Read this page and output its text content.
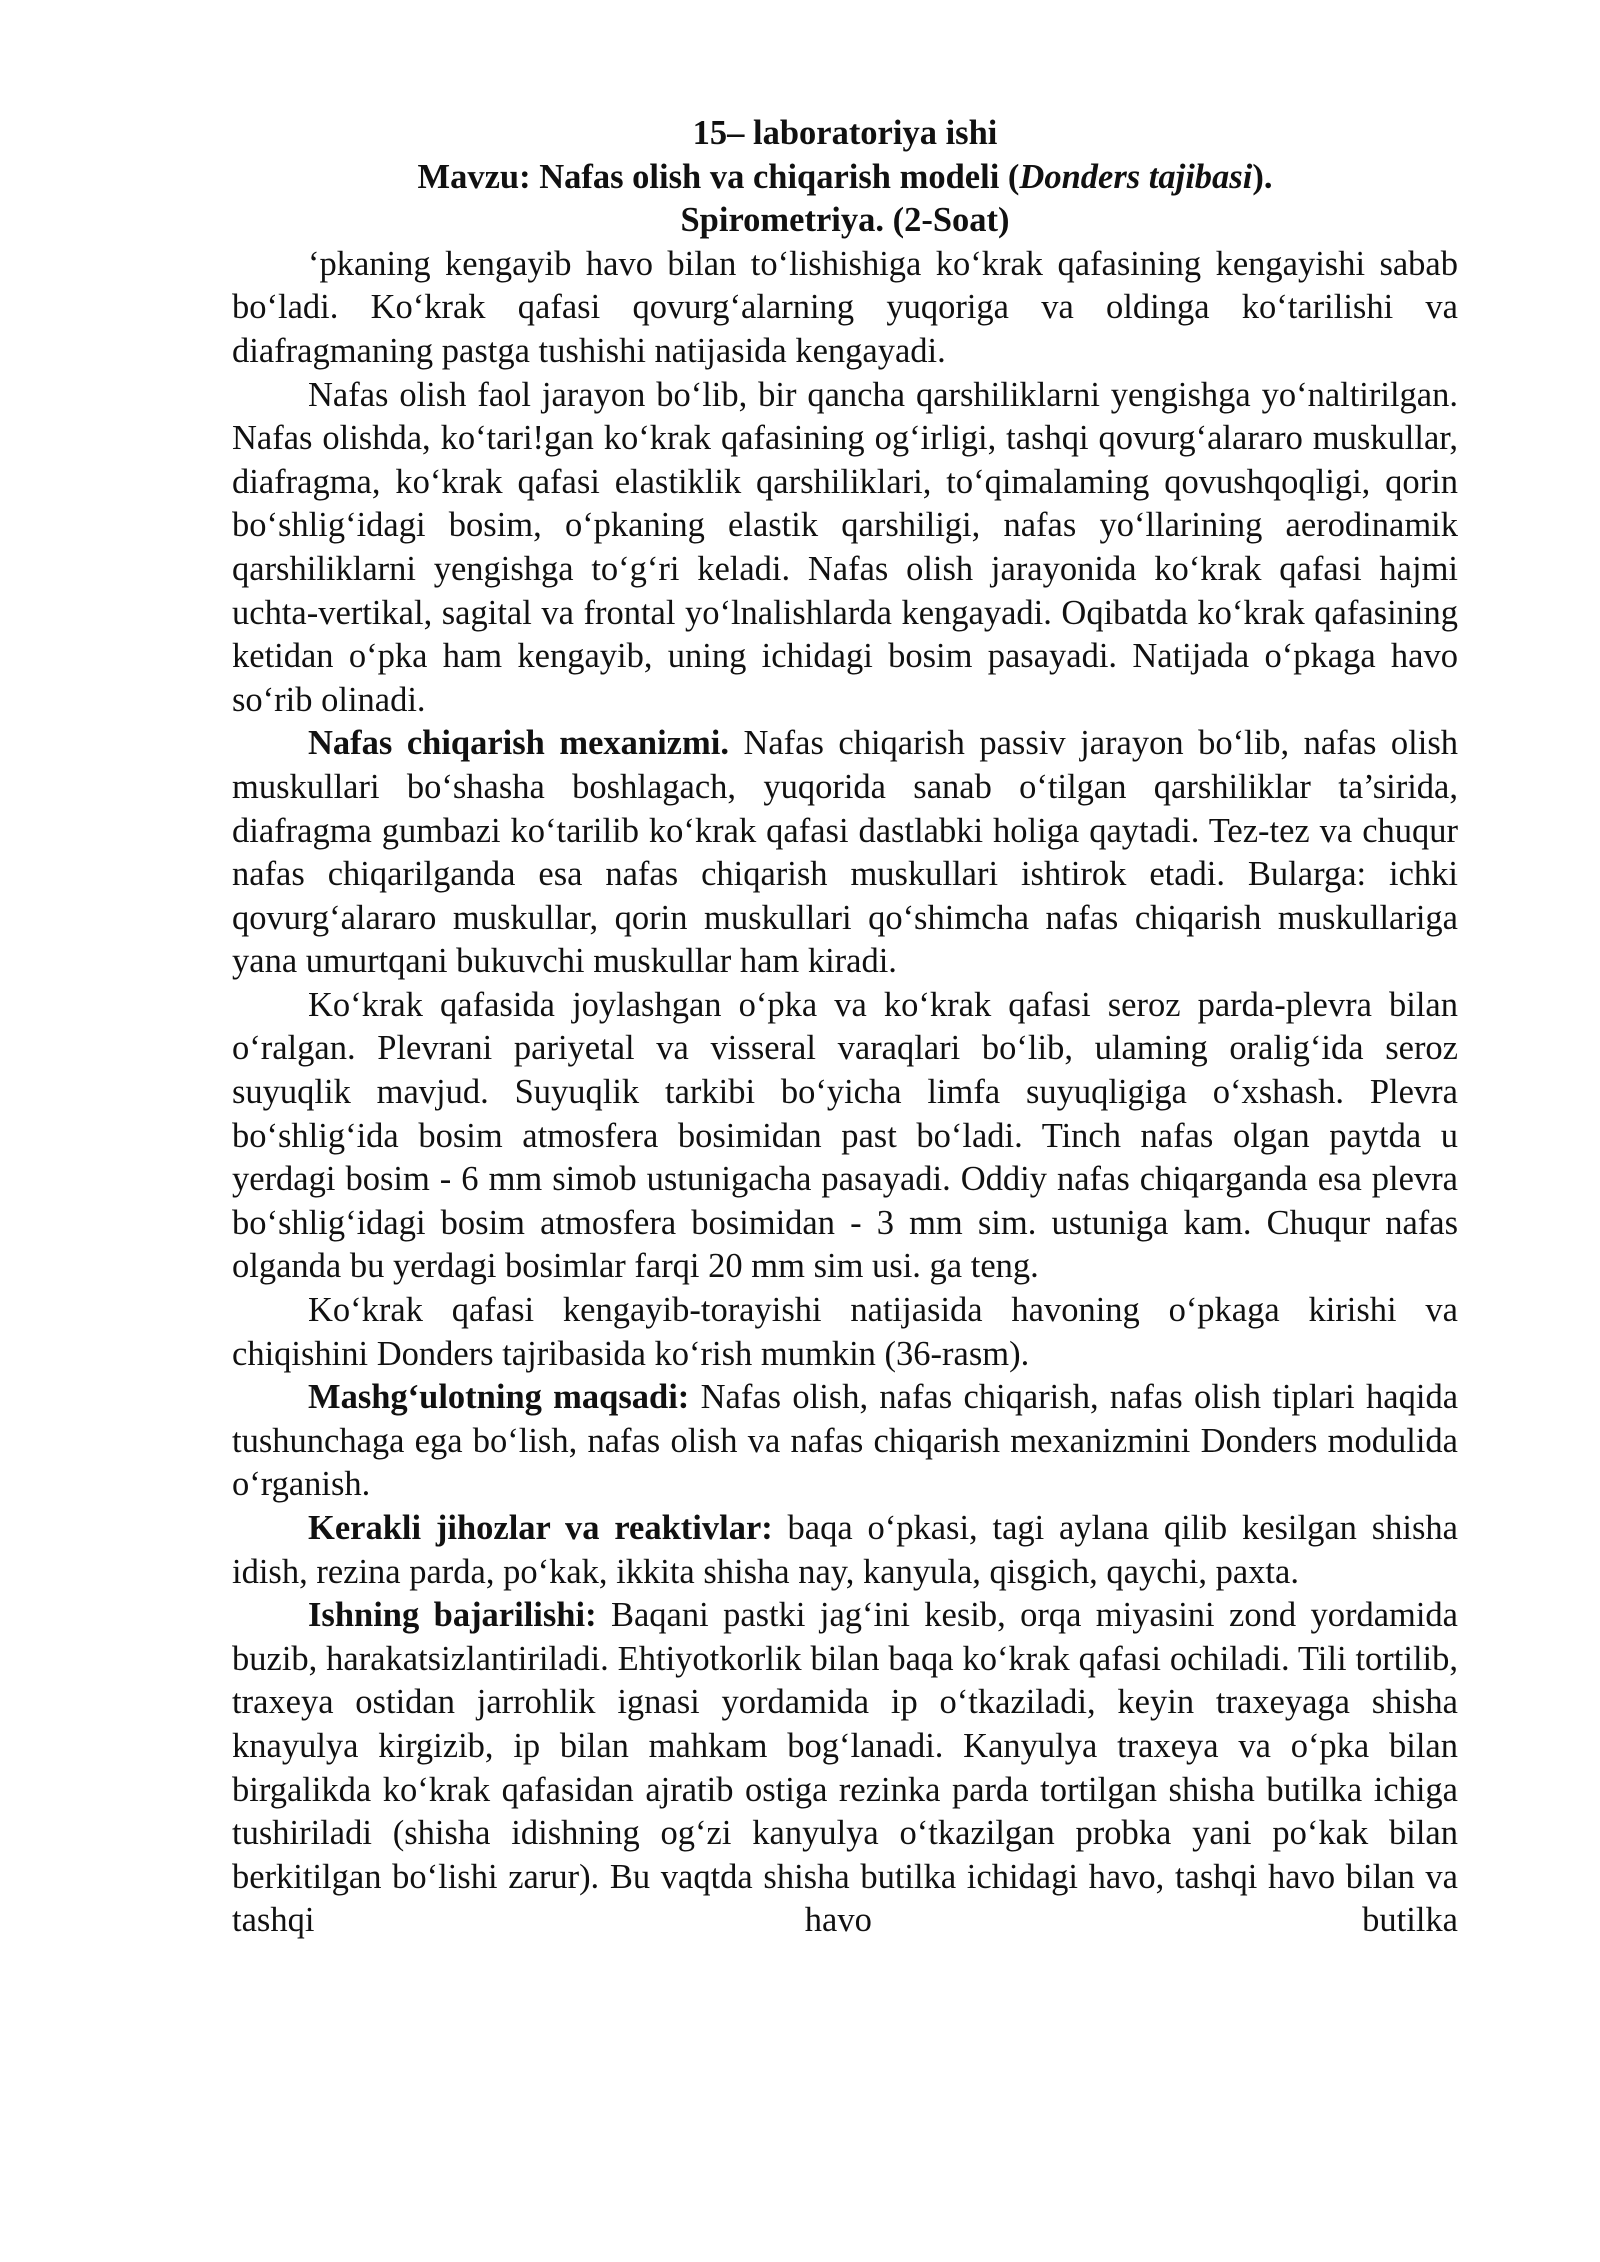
15– laboratoriya ishi

Mavzu: Nafas olish va chiqarish modeli (Donders tajibasi).

Spirometriya. (2-Soat)

‘pkaning kengayib havo bilan to‘lishishiga ko‘krak qafasining kengayishi sabab bo‘ladi. Ko‘krak qafasi qovurg‘alarning yuqoriga va oldinga ko‘tarilishi va diafragmaning pastga tushishi natijasida kengayadi.

Nafas olish faol jarayon bo‘lib, bir qancha qarshiliklarni yengishga yo‘naltirilgan. Nafas olishda, ko‘tari!gan ko‘krak qafasining og‘irligi, tashqi qovurg‘alararo muskullar, diafragma, ko‘krak qafasi elastiklik qarshiliklari, to‘qimalaming qovushqoqligi, qorin bo‘shlig‘idagi bosim, o‘pkaning elastik qarshiligi, nafas yo‘llarining aerodinamik qarshiliklarni yengishga to‘g‘ri keladi. Nafas olish jarayonida ko‘krak qafasi hajmi uchta-vertikal, sagital va frontal yo‘lnalishlarda kengayadi. Oqibatda ko‘krak qafasining ketidan o‘pka ham kengayib, uning ichidagi bosim pasayadi. Natijada o‘pkaga havo so‘rib olinadi.

Nafas chiqarish mexanizmi. Nafas chiqarish passiv jarayon bo‘lib, nafas olish muskullari bo‘shasha boshlagach, yuqorida sanab o‘tilgan qarshiliklar ta’sirida, diafragma gumbazi ko‘tarilib ko‘krak qafasi dastlabki holiga qaytadi. Tez-tez va chuqur nafas chiqarilganda esa nafas chiqarish muskullari ishtirok etadi. Bularga: ichki qovurg‘alararo muskullar, qorin muskullari qo‘shimcha nafas chiqarish muskullariga yana umurtqani bukuvchi muskullar ham kiradi.

Ko‘krak qafasida joylashgan o‘pka va ko‘krak qafasi seroz parda-plevra bilan o‘ralgan. Plevrani pariyetal va visseral varaqlari bo‘lib, ulaming oralig‘ida seroz suyuqlik mavjud. Suyuqlik tarkibi bo‘yicha limfa suyuqligiga o‘xshash. Plevra bo‘shlig‘ida bosim atmosfera bosimidan past bo‘ladi. Tinch nafas olgan paytda u yerdagi bosim - 6 mm simob ustunigacha pasayadi. Oddiy nafas chiqarganda esa plevra bo‘shlig‘idagi bosim atmosfera bosimidan - 3 mm sim. ustuniga kam. Chuqur nafas olganda bu yerdagi bosimlar farqi 20 mm sim usi. ga teng.

Ko‘krak qafasi kengayib-torayishi natijasida havoning o‘pkaga kirishi va chiqishini Donders tajribasida ko‘rish mumkin (36-rasm).

Mashg‘ulotning maqsadi: Nafas olish, nafas chiqarish, nafas olish tiplari haqida tushunchaga ega bo‘lish, nafas olish va nafas chiqarish mexanizmini Donders modulida o‘rganish.

Kerakli jihozlar va reaktivlar: baqa o‘pkasi, tagi aylana qilib kesilgan shisha idish, rezina parda, po‘kak, ikkita shisha nay, kanyula, qisgich, qaychi, paxta.

Ishning bajarilishi: Baqani pastki jag‘ini kesib, orqa miyasini zond yordamida buzib, harakatsizlantiriladi. Ehtiyotkorlik bilan baqa ko‘krak qafasi ochiladi. Tili tortilib, traxeya ostidan jarrohlik ignasi yordamida ip o‘tkaziladi, keyin traxeyaga shisha knayulya kirgizib, ip bilan mahkam bog‘lanadi. Kanyulya traxeya va o‘pka bilan birgalikda ko‘krak qafasidan ajratib ostiga rezinka parda tortilgan shisha butilka ichiga tushiriladi (shisha idishning og‘zi kanyulya o‘tkazilgan probka yani po‘kak bilan berkitilgan bo‘lishi zarur). Bu vaqtda shisha butilka ichidagi havo, tashqi havo bilan va tashqi havo butilka
